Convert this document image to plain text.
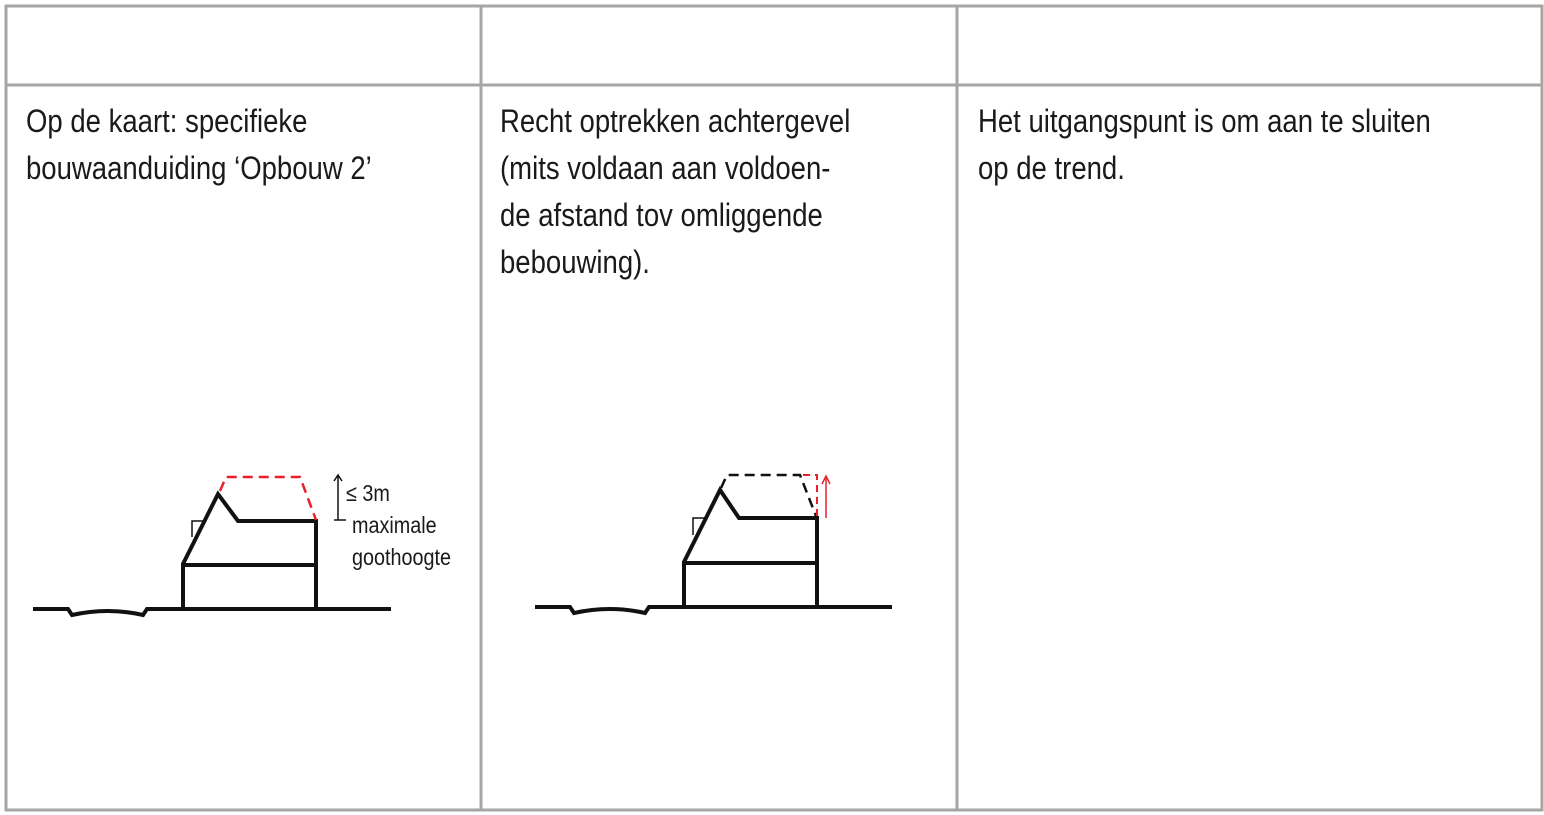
Op de kaart: specifieke
bouwaanduiding ‘Opbouw 2’

Recht optrekken achtergevel
(mits voldaan aan voldoen-
de afstand tov omliggende
bebouwing).

Het uitgangspunt is om aan te sluiten
op de trend.

≤ 3m
maximale
goothoogte
